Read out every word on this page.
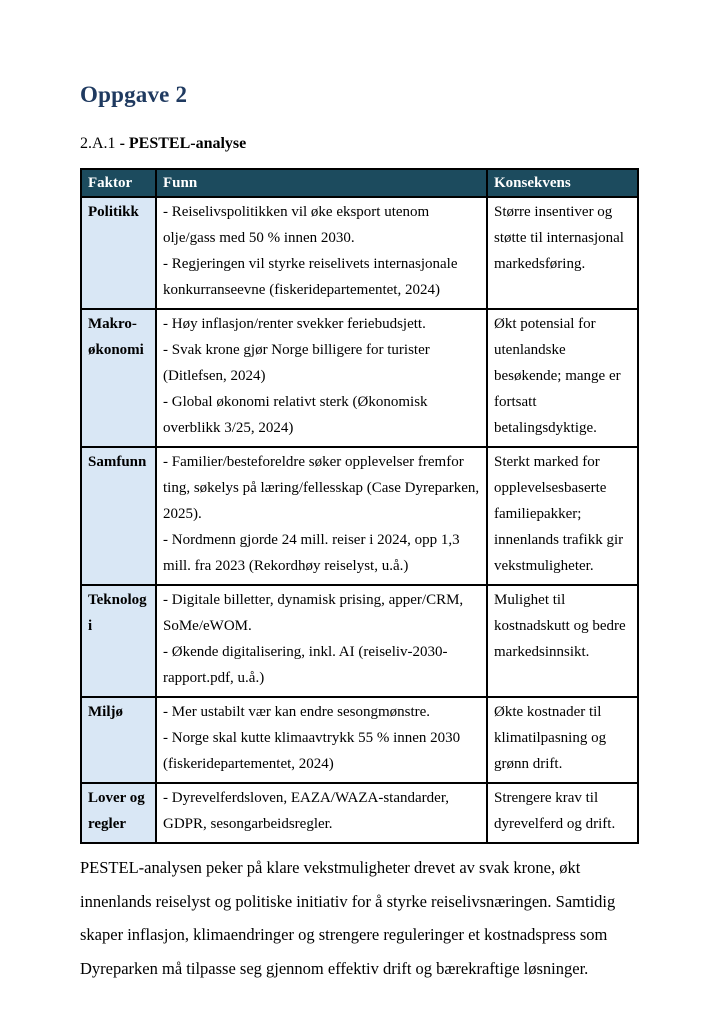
Oppgave 2
2.A.1 - PESTEL-analyse
Faktor	Funn	Konsekvens
Politikk	- Reiselivspolitikken vil øke eksport utenom olje/gass med 50 % innen 2030.
- Regjeringen vil styrke reiselivets internasjonale konkurranseevne (fiskeridepartementet, 2024)	Større insentiver og støtte til internasjonal markedsføring.
Makro-økonomi	- Høy inflasjon/renter svekker feriebudsjett.
- Svak krone gjør Norge billigere for turister (Ditlefsen, 2024)
- Global økonomi relativt sterk (Økonomisk overblikk 3/25, 2024)	Økt potensial for utenlandske besøkende; mange er fortsatt betalingsdyktige.
Samfunn	- Familier/besteforeldre søker opplevelser fremfor ting, søkelys på læring/fellesskap (Case Dyreparken, 2025).
- Nordmenn gjorde 24 mill. reiser i 2024, opp 1,3 mill. fra 2023 (Rekordhøy reiselyst, u.å.)	Sterkt marked for opplevelsesbaserte familiepakker; innenlands trafikk gir vekstmuligheter.
Teknologi	- Digitale billetter, dynamisk prising, apper/CRM, SoMe/eWOM.
- Økende digitalisering, inkl. AI (reiseliv-2030-rapport.pdf, u.å.)	Mulighet til kostnadskutt og bedre markedsinnsikt.
Miljø	- Mer ustabilt vær kan endre sesongmønstre.
- Norge skal kutte klimaavtrykk 55 % innen 2030 (fiskeridepartementet, 2024)	Økte kostnader til klimatilpasning og grønn drift.
Lover og regler	- Dyrevelferdsloven, EAZA/WAZA-standarder, GDPR, sesongarbeidsregler.	Strengere krav til dyrevelferd og drift.

PESTEL-analysen peker på klare vekstmuligheter drevet av svak krone, økt innenlands reiselyst og politiske initiativ for å styrke reiselivsnæringen. Samtidig skaper inflasjon, klimaendringer og strengere reguleringer et kostnadspress som Dyreparken må tilpasse seg gjennom effektiv drift og bærekraftige løsninger.
